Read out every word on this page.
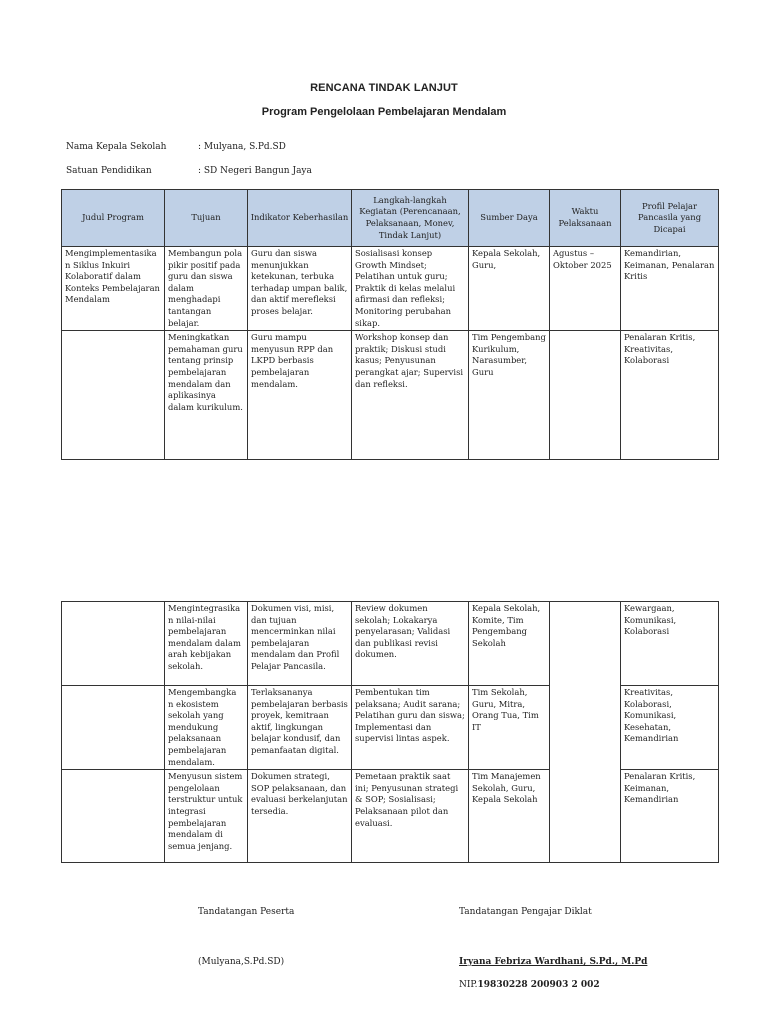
RENCANA TINDAK LANJUT
Program Pengelolaan Pembelajaran Mendalam
Nama Kepala Sekolah	: Mulyana, S.Pd.SD
Satuan Pendidikan	: SD Negeri Bangun Jaya
Judul Program	Tujuan	Indikator Keberhasilan	Langkah-langkah Kegiatan (Perencanaan, Pelaksanaan, Monev, Tindak Lanjut)	Sumber Daya	Waktu Pelaksanaan	Profil Pelajar Pancasila yang Dicapai
Mengimplementasika n Siklus Inkuiri Kolaboratif dalam Konteks Pembelajaran Mendalam	Membangun pola pikir positif pada guru dan siswa dalam menghadapi tantangan belajar.	Guru dan siswa menunjukkan ketekunan, terbuka terhadap umpan balik, dan aktif merefleksi proses belajar.	Sosialisasi konsep Growth Mindset; Pelatihan untuk guru; Praktik di kelas melalui afirmasi dan refleksi; Monitoring perubahan sikap.	Kepala Sekolah, Guru,	Agustus – Oktober 2025	Kemandirian, Keimanan, Penalaran Kritis
	Meningkatkan pemahaman guru tentang prinsip pembelajaran mendalam dan aplikasinya dalam kurikulum.	Guru mampu menyusun RPP dan LKPD berbasis pembelajaran mendalam.	Workshop konsep dan praktik; Diskusi studi kasus; Penyusunan perangkat ajar; Supervisi dan refleksi.	Tim Pengembang Kurikulum, Narasumber, Guru		Penalaran Kritis, Kreativitas, Kolaborasi
	Mengintegrasika n nilai-nilai pembelajaran mendalam dalam arah kebijakan sekolah.	Dokumen visi, misi, dan tujuan mencerminkan nilai pembelajaran mendalam dan Profil Pelajar Pancasila.	Review dokumen sekolah; Lokakarya penyelarasan; Validasi dan publikasi revisi dokumen.	Kepala Sekolah, Komite, Tim Pengembang Sekolah		Kewargaan, Komunikasi, Kolaborasi
	Mengembangka n ekosistem sekolah yang mendukung pelaksanaan pembelajaran mendalam.	Terlaksananya pembelajaran berbasis proyek, kemitraan aktif, lingkungan belajar kondusif, dan pemanfaatan digital.	Pembentukan tim pelaksana; Audit sarana; Pelatihan guru dan siswa; Implementasi dan supervisi lintas aspek.	Tim Sekolah, Guru, Mitra, Orang Tua, Tim IT		Kreativitas, Kolaborasi, Komunikasi, Kesehatan, Kemandirian
	Menyusun sistem pengelolaan terstruktur untuk integrasi pembelajaran mendalam di semua jenjang.	Dokumen strategi, SOP pelaksanaan, dan evaluasi berkelanjutan tersedia.	Pemetaan praktik saat ini; Penyusunan strategi & SOP; Sosialisasi; Pelaksanaan pilot dan evaluasi.	Tim Manajemen Sekolah, Guru, Kepala Sekolah		Penalaran Kritis, Keimanan, Kemandirian
Tandatangan Peserta	Tandatangan Pengajar Diklat
(Mulyana,S.Pd.SD)	Iryana Febriza Wardhani, S.Pd., M.Pd
NIP.19830228 200903 2 002
